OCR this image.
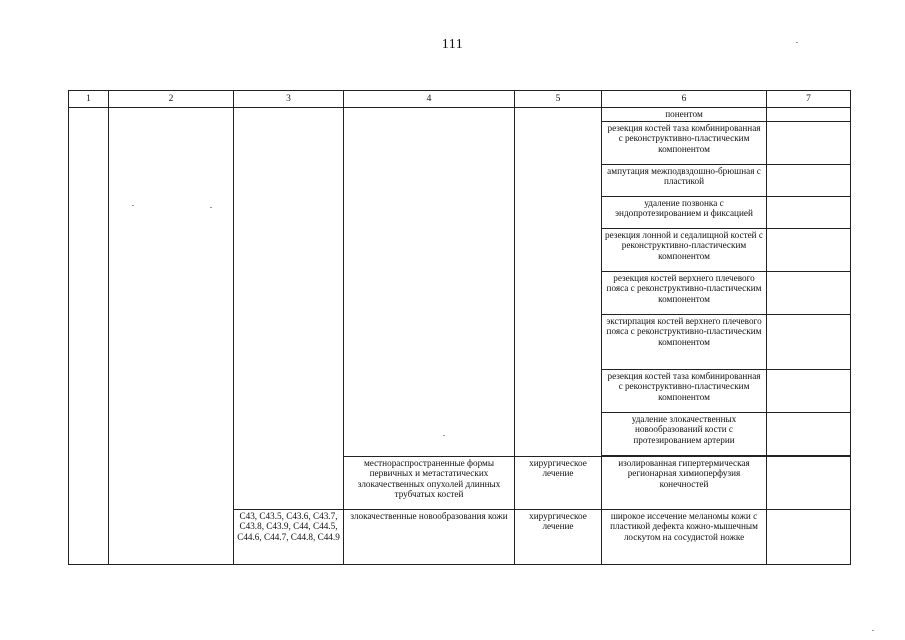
111
1	2	3	4	5	6	7
					понентом	
					резекция костей таза комбинированная с реконструктивно-пластическим компонентом	
					ампутация межподвздошно-брюшная с пластикой	
					удаление позвонка с эндопротезированием и фиксацией	
					резекция лонной и седалищной костей с реконструктивно-пластическим компонентом	
					резекция костей верхнего плечевого пояса с реконструктивно-пластическим компонентом	
					экстирпация костей верхнего плечевого пояса с реконструктивно-пластическим компонентом	
					резекция костей таза комбинированная с реконструктивно-пластическим компонентом	
					удаление злокачественных новообразований кости с протезированием артерии	

			местнораспространенные формы первичных и метастатических злокачественных опухолей длинных трубчатых костей	хирургическое лечение	изолированная гипертермическая регионарная химиоперфузия конечностей	
		C43, C43.5, C43.6, C43.7, C43.8, C43.9, C44, C44.5, C44.6, C44.7, C44.8, C44.9	злокачественные новообразования кожи	хирургическое лечение	широкое иссечение меланомы кожи с пластикой дефекта кожно-мышечным лоскутом на сосудистой ножке	
